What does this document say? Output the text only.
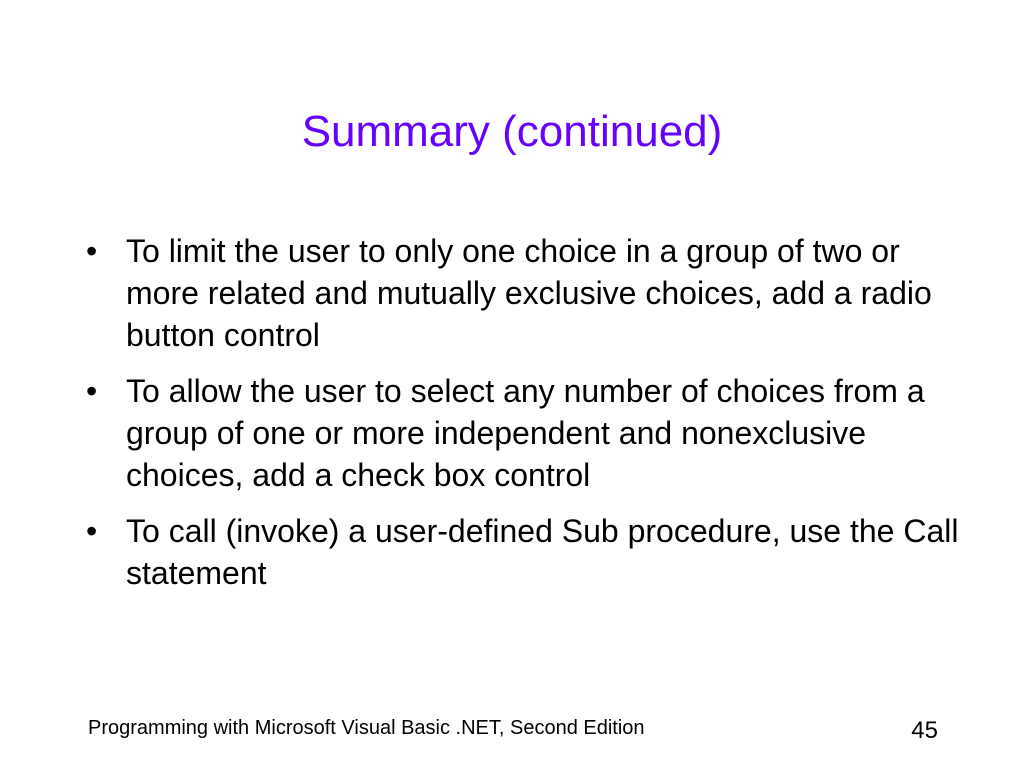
Summary (continued)
• To limit the user to only one choice in a group of two or more related and mutually exclusive choices, add a radio button control
• To allow the user to select any number of choices from a group of one or more independent and nonexclusive choices, add a check box control
• To call (invoke) a user-defined Sub procedure, use the Call statement
Programming with Microsoft Visual Basic .NET, Second Edition	45
